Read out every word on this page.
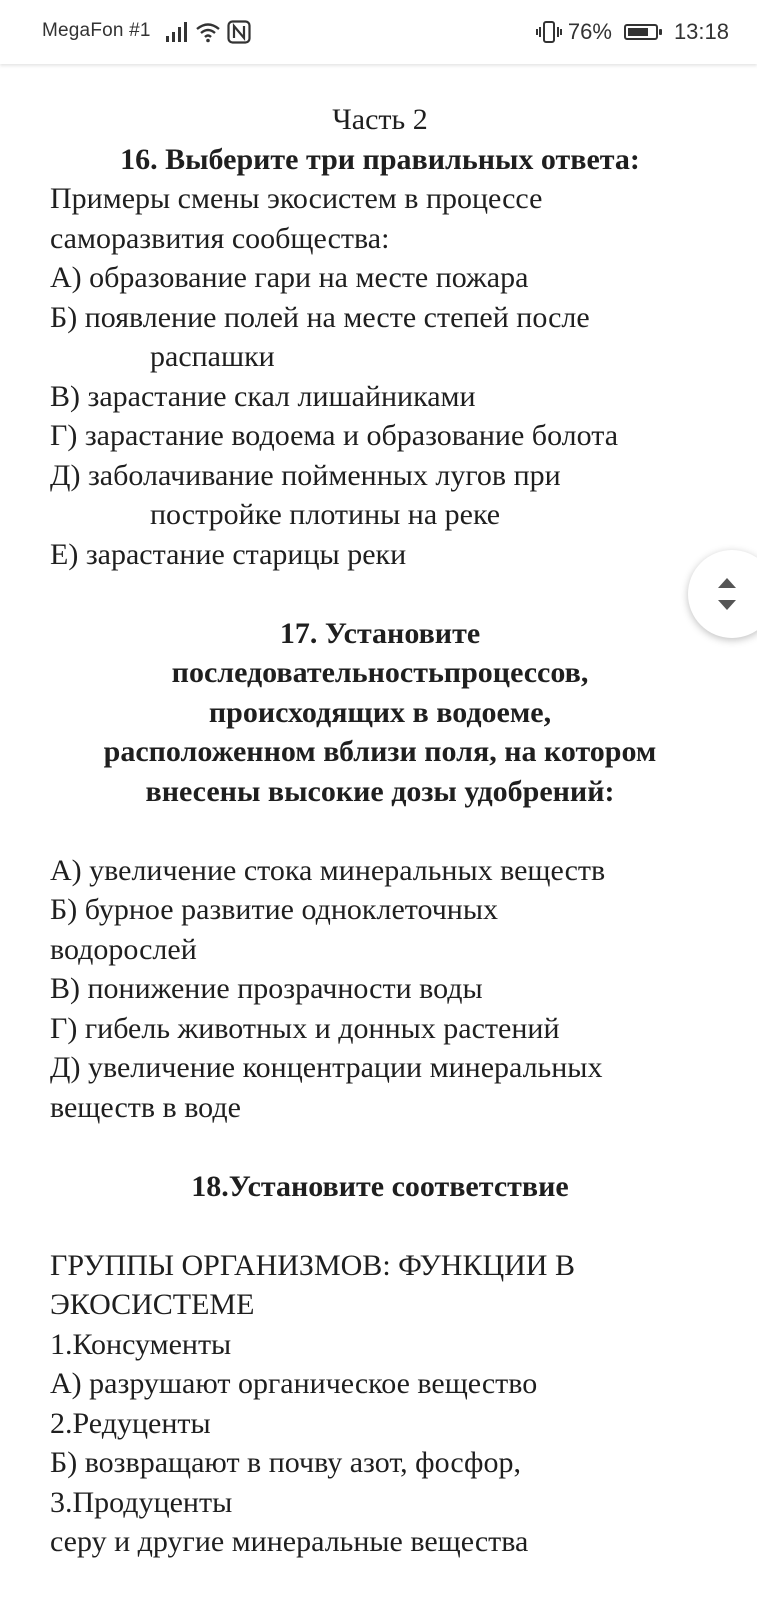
MegaFon #1	76%	13:18
Часть 2
16. Выберите три правильных ответа:
Примеры смены экосистем в процессе
саморазвития сообщества:
А) образование гари на месте пожара
Б) появление полей на месте степей после
распашки
В) зарастание скал лишайниками
Г) зарастание водоема и образование болота
Д) заболачивание пойменных лугов при
постройке плотины на реке
Е) зарастание старицы реки
17. Установите
последовательностьпроцессов,
происходящих в водоеме,
расположенном вблизи поля, на котором
внесены высокие дозы удобрений:
А) увеличение стока минеральных веществ
Б) бурное развитие одноклеточных
водорослей
В) понижение прозрачности воды
Г) гибель животных и донных растений
Д) увеличение концентрации минеральных
веществ в воде
18.Установите соответствие
ГРУППЫ ОРГАНИЗМОВ: ФУНКЦИИ В
ЭКОСИСТЕМЕ
1.Консументы
А) разрушают органическое вещество
2.Редуценты
Б) возвращают в почву азот, фосфор,
3.Продуценты
серу и другие минеральные вещества
